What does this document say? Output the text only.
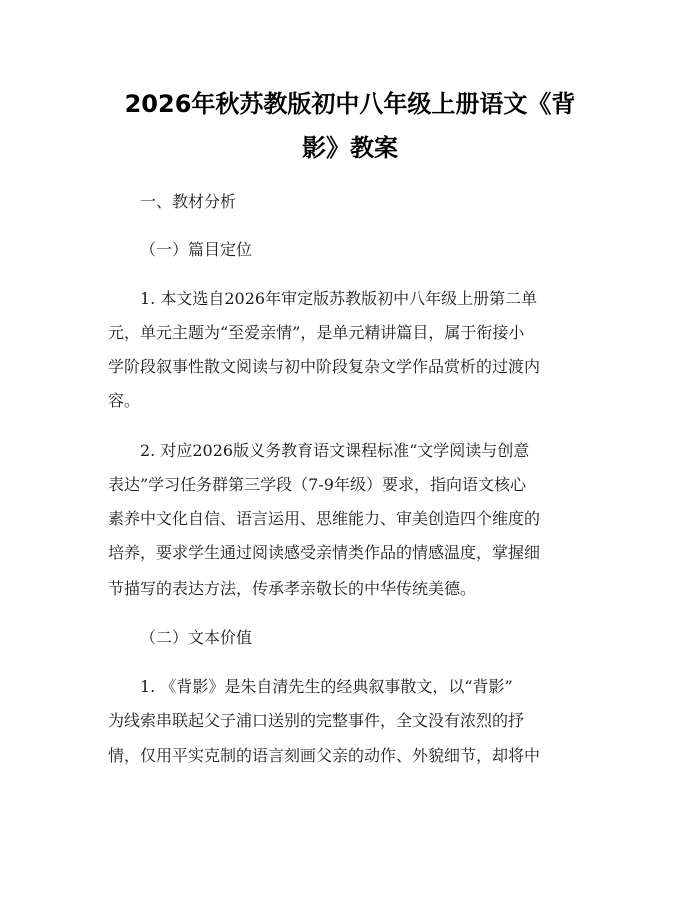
2026年秋苏教版初中八年级上册语文《背
影》教案
一、教材分析
（一）篇目定位
1. 本文选自2026年审定版苏教版初中八年级上册第二单
元，单元主题为“至爱亲情”，是单元精讲篇目，属于衔接小
学阶段叙事性散文阅读与初中阶段复杂文学作品赏析的过渡内
容。
2. 对应2026版义务教育语文课程标准“文学阅读与创意
表达”学习任务群第三学段（7-9年级）要求，指向语文核心
素养中文化自信、语言运用、思维能力、审美创造四个维度的
培养，要求学生通过阅读感受亲情类作品的情感温度，掌握细
节描写的表达方法，传承孝亲敬长的中华传统美德。
（二）文本价值
1. 《背影》是朱自清先生的经典叙事散文，以“背影”
为线索串联起父子浦口送别的完整事件，全文没有浓烈的抒
情，仅用平实克制的语言刻画父亲的动作、外貌细节，却将中
